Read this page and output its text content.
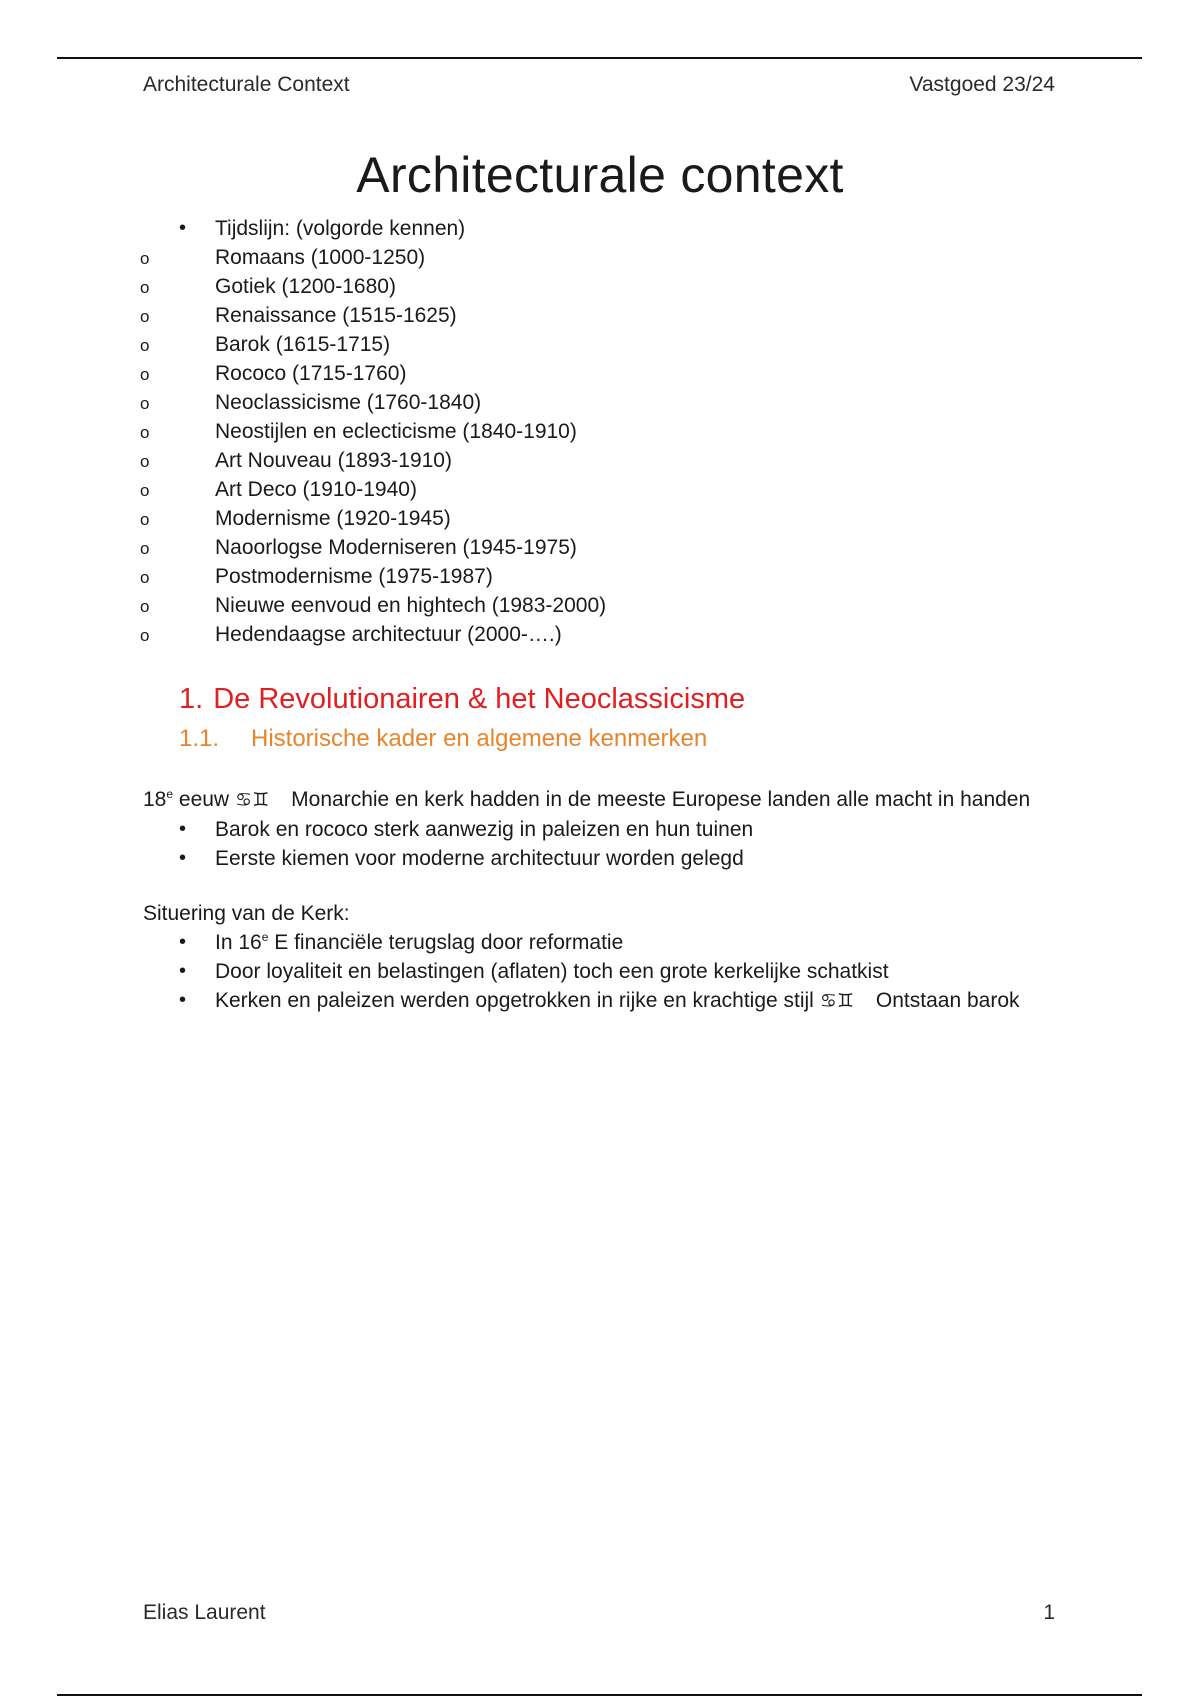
Architecturale Context	Vastgoed 23/24
Architecturale context
• Tijdslijn: (volgorde kennen)
o Romaans (1000-1250)
o Gotiek (1200-1680)
o Renaissance (1515-1625)
o Barok (1615-1715)
o Rococo (1715-1760)
o Neoclassicisme (1760-1840)
o Neostijlen en eclecticisme (1840-1910)
o Art Nouveau (1893-1910)
o Art Deco (1910-1940)
o Modernisme (1920-1945)
o Naoorlogse Moderniseren (1945-1975)
o Postmodernisme (1975-1987)
o Nieuwe eenvoud en hightech (1983-2000)
o Hedendaagse architectuur (2000-….)
1. De Revolutionairen & het Neoclassicisme
1.1. Historische kader en algemene kenmerken

18e eeuw ♋♊ Monarchie en kerk hadden in de meeste Europese landen alle macht in handen

• Barok en rococo sterk aanwezig in paleizen en hun tuinen
• Eerste kiemen voor moderne architectuur worden gelegd

Situering van de Kerk:

• In 16e E financiële terugslag door reformatie
• Door loyaliteit en belastingen (aflaten) toch een grote kerkelijke schatkist
• Kerken en paleizen werden opgetrokken in rijke en krachtige stijl ♋♊ Ontstaan barok
Elias Laurent	1
